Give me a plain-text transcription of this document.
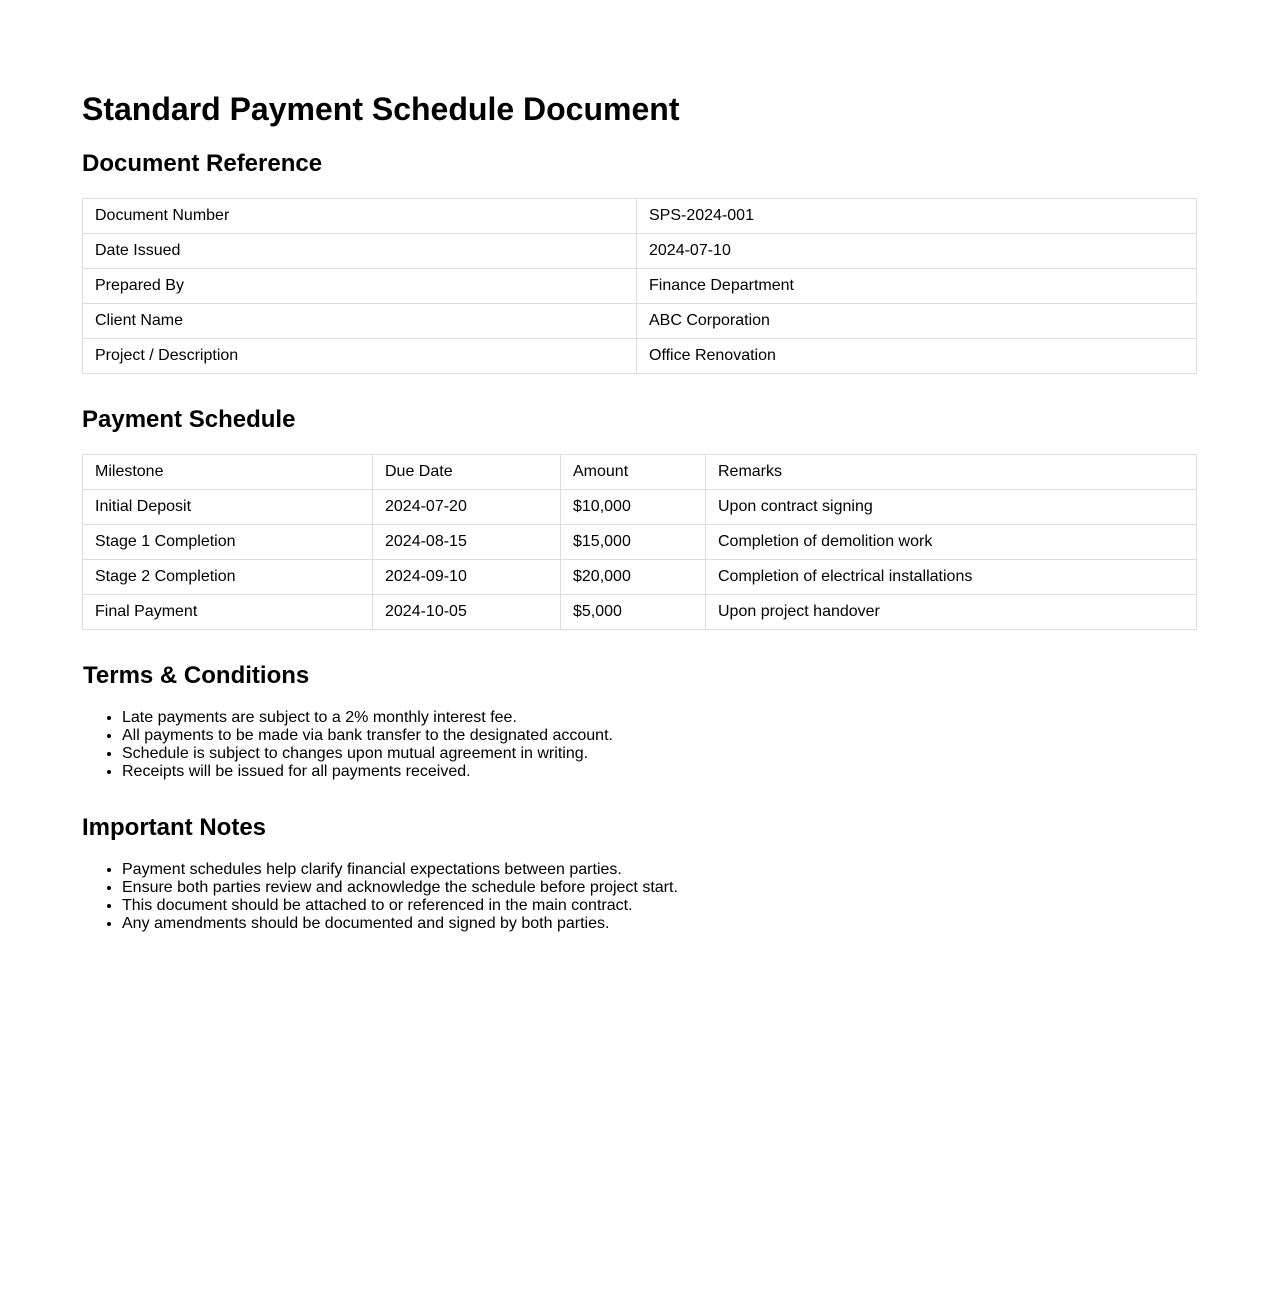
Standard Payment Schedule Document
Document Reference
Document Number	SPS-2024-001
Date Issued	2024-07-10
Prepared By	Finance Department
Client Name	ABC Corporation
Project / Description	Office Renovation
Payment Schedule
Milestone	Due Date	Amount	Remarks
Initial Deposit	2024-07-20	$10,000	Upon contract signing
Stage 1 Completion	2024-08-15	$15,000	Completion of demolition work
Stage 2 Completion	2024-09-10	$20,000	Completion of electrical installations
Final Payment	2024-10-05	$5,000	Upon project handover
Terms & Conditions
• Late payments are subject to a 2% monthly interest fee.
• All payments to be made via bank transfer to the designated account.
• Schedule is subject to changes upon mutual agreement in writing.
• Receipts will be issued for all payments received.
Important Notes
• Payment schedules help clarify financial expectations between parties.
• Ensure both parties review and acknowledge the schedule before project start.
• This document should be attached to or referenced in the main contract.
• Any amendments should be documented and signed by both parties.
